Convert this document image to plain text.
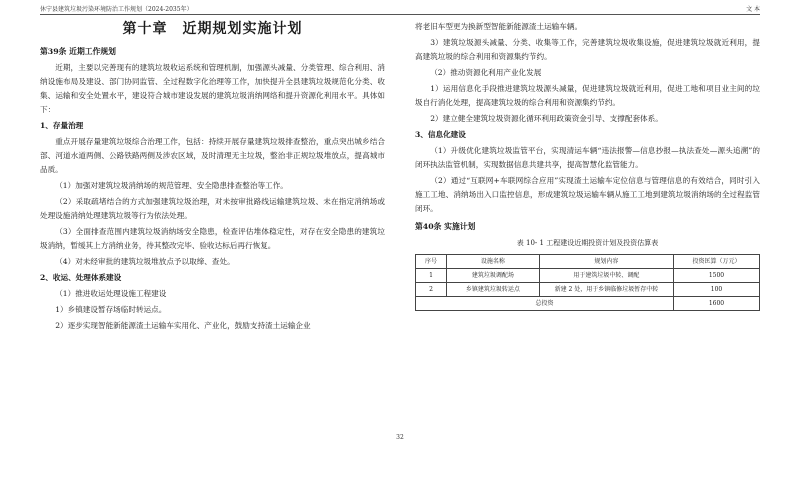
休宁县建筑垃圾污染环境防治工作规划（2024-2035年）	文 本
第十章　近期规划实施计划
第39条 近期工作规划

近期，主要以完善现有的建筑垃圾收运系统和管理机制，加强源头减量、分类管理、综合利用、消纳设施布局及建设、部门协同监管、全过程数字化治理等工作，加快提升全县建筑垃圾规范化分类、收集、运输和安全处置水平，建设符合城市建设发展的建筑垃圾消纳网络和提升资源化利用水平。具体如下：

1、存量治理

重点开展存量建筑垃圾综合治理工作，包括：持续开展存量建筑垃圾排查整治，重点突出城乡结合部、河道水道两侧、公路铁路两侧及涉农区域，及时清理无主垃圾，整治非正规垃圾堆放点，提高城市品质。

（1）加强对建筑垃圾消纳场的规范管理、安全隐患排查整治等工作。

（2）采取疏堵结合的方式加强建筑垃圾治理，对未按审批路线运输建筑垃圾、未在指定消纳场或处理设施消纳处理建筑垃圾等行为依法处理。

（3）全面排查范围内建筑垃圾消纳场安全隐患，检查评估堆体稳定性，对存在安全隐患的建筑垃圾消纳，暂缓其上方消纳业务，待其整改完毕、验收达标后再行恢复。

（4）对未经审批的建筑垃圾堆放点予以取缔、查处。

2、收运、处理体系建设

（1）推进收运处理设施工程建设

1）乡镇建设暂存场临时转运点。

2）逐步实现智能新能源渣土运输车实用化、产业化，鼓励支持渣土运输企业

将老旧车型更为换新型智能新能源渣土运输车辆。

3）建筑垃圾源头减量、分类、收集等工作，完善建筑垃圾收集设施，促进建筑垃圾就近利用，提高建筑垃圾的综合利用和资源集约节约。

（2）推动资源化利用产业化发展

1）运用信息化手段推进建筑垃圾源头减量，促进建筑垃圾就近利用，促进工地和项目业主间的垃圾自行消化处理，提高建筑垃圾的综合利用和资源集约节约。

2）建立健全建筑垃圾资源化循环利用政策资金引导、支撑配套体系。

3、信息化建设

（1）升级优化建筑垃圾监管平台，实现清运车辆“违法报警—信息抄报—执法查处—源头追溯”的闭环执法监管机制，实现数据信息共建共享，提高智慧化监管能力。

（2）通过“互联网+车联网综合应用”实现渣土运输车定位信息与管理信息的有效结合，同时引入施工工地、消纳场出入口监控信息，形成建筑垃圾运输车辆从施工工地到建筑垃圾消纳场的全过程监管闭环。

第40条 实施计划
表 10- 1 工程建设近期投资计划及投资估算表
序号	设施名称	规划内容	投资匡算（万元）
1	建筑垃圾调配场	用于建筑垃圾中转、调配	1500
2	乡镇建筑垃圾转运点	新建 2 处，用于乡镇临修垃圾暂存中转	100
总投资			1600
32
